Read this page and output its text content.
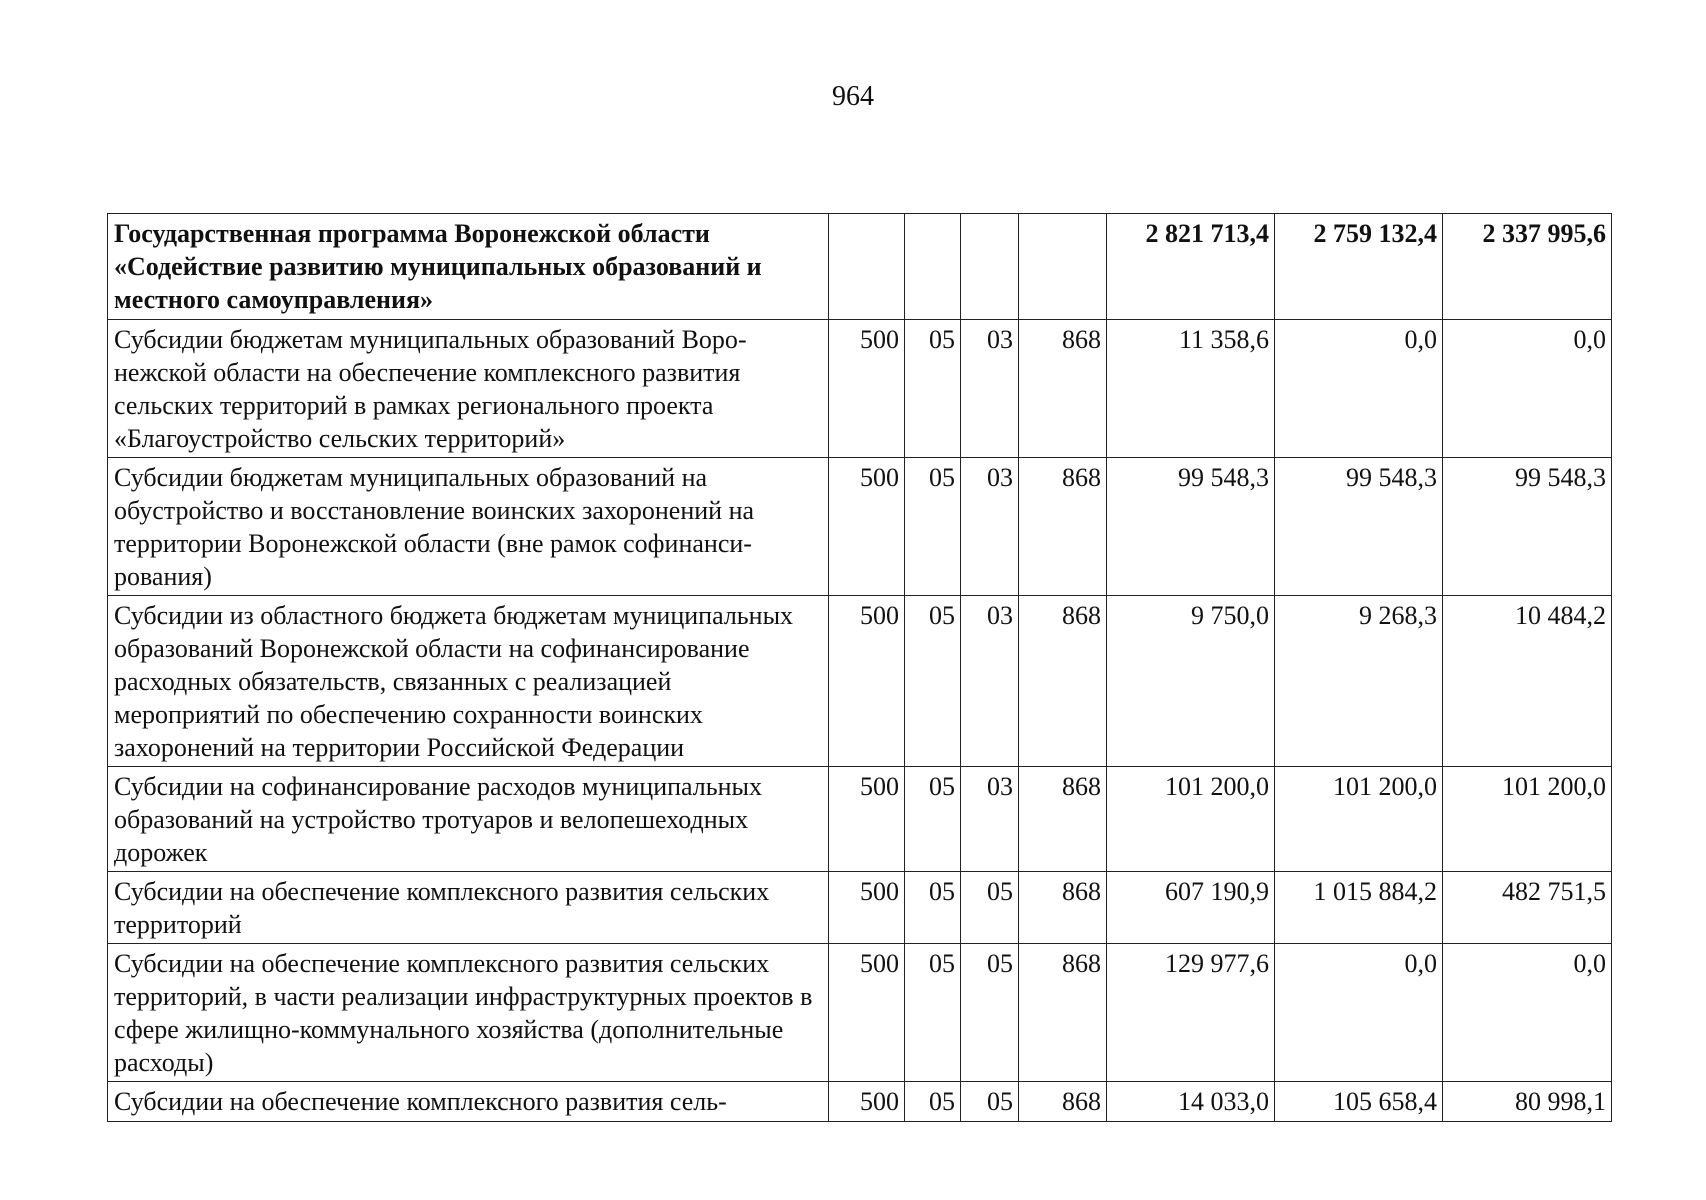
964
Государственная программа Воронежской области «Содействие развитию муниципальных образований и местного самоуправления»					2 821 713,4	2 759 132,4	2 337 995,6
Субсидии бюджетам муниципальных образований Воронежской области на обеспечение комплексного развития сельских территорий в рамках регионального проекта «Благоустройство сельских территорий»	500	05	03	868	11 358,6	0,0	0,0
Субсидии бюджетам муниципальных образований на обустройство и восстановление воинских захоронений на территории Воронежской области (вне рамок софинансирования)	500	05	03	868	99 548,3	99 548,3	99 548,3
Субсидии из областного бюджета бюджетам муниципальных образований Воронежской области на софинансирование расходных обязательств, связанных с реализацией мероприятий по обеспечению сохранности воинских захоронений на территории Российской Федерации	500	05	03	868	9 750,0	9 268,3	10 484,2
Субсидии на софинансирование расходов муниципальных образований на устройство тротуаров и велопешеходных дорожек	500	05	03	868	101 200,0	101 200,0	101 200,0
Субсидии на обеспечение комплексного развития сельских территорий	500	05	05	868	607 190,9	1 015 884,2	482 751,5
Субсидии на обеспечение комплексного развития сельских территорий, в части реализации инфраструктурных проектов в сфере жилищно-коммунального хозяйства (дополнительные расходы)	500	05	05	868	129 977,6	0,0	0,0
Субсидии на обеспечение комплексного развития сель-	500	05	05	868	14 033,0	105 658,4	80 998,1
